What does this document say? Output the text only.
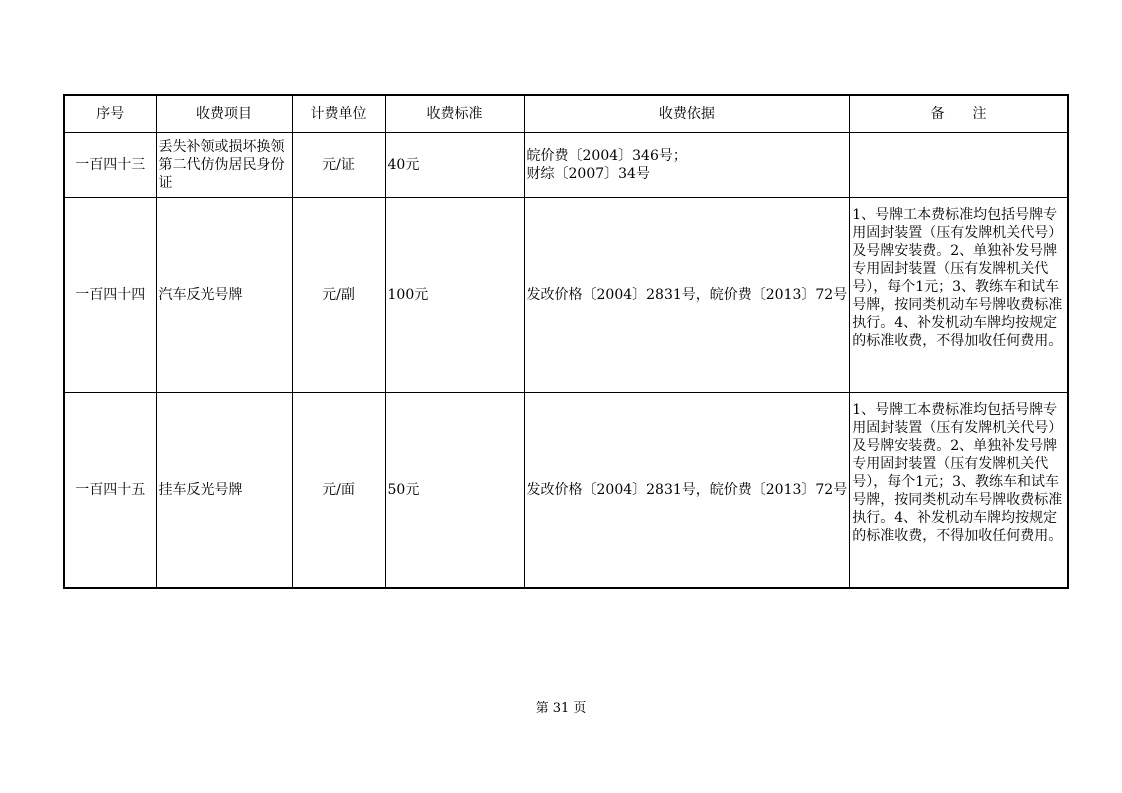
序号	收费项目	计费单位	收费标准	收费依据	备　　注
一百四十三	丢失补领或损坏换领第二代仿伪居民身份证	元/证	40元	皖价费〔2004〕346号；
财综〔2007〕34号	
一百四十四	汽车反光号牌	元/副	100元	发改价格〔2004〕2831号，皖价费〔2013〕72号	1、号牌工本费标准均包括号牌专用固封装置（压有发牌机关代号）及号牌安装费。2、单独补发号牌专用固封装置（压有发牌机关代号），每个1元；3、教练车和试车号牌，按同类机动车号牌收费标准执行。4、补发机动车牌均按规定的标准收费，不得加收任何费用。

一百四十五	挂车反光号牌	元/面	50元	发改价格〔2004〕2831号，皖价费〔2013〕72号	1、号牌工本费标准均包括号牌专用固封装置（压有发牌机关代号）及号牌安装费。2、单独补发号牌专用固封装置（压有发牌机关代号），每个1元；3、教练车和试车号牌，按同类机动车号牌收费标准执行。4、补发机动车牌均按规定的标准收费，不得加收任何费用。
第 31 页
